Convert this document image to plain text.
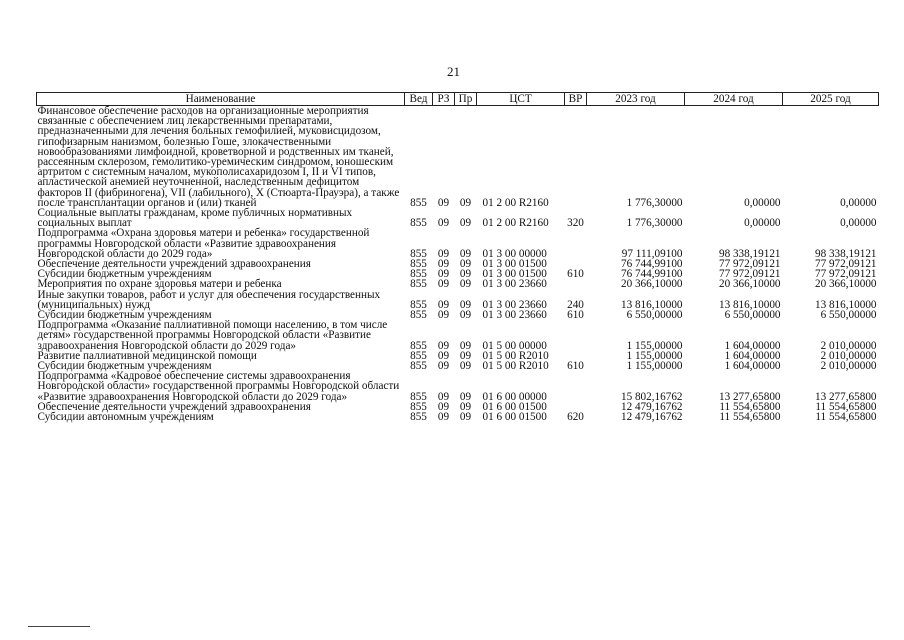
21
Наименование	Вед	РЗ	Пр	ЦСТ	ВР	2023 год	2024 год	2025 год
Финансовое обеспечение расходов на организационные мероприятия связанные с обеспечением лиц лекарственными препаратами, предназначенными для лечения больных гемофилией, муковисцидозом, гипофизарным нанизмом, болезнью Гоше, злокачественными новообразованиями лимфоидной, кроветворной и родственных им тканей, рассеянным склерозом, гемолитико-уремическим синдромом, юношеским артритом с системным началом, мукополисахаридозом I, II и VI типов, апластической анемией неуточненной, наследственным дефицитом факторов II (фибриногена), VII (лабильного), X (Стюарта-Прауэра), а также после трансплантации органов и (или) тканей	855	09	09	01 2 00 R2160		1 776,30000	0,00000	0,00000
Социальные выплаты гражданам, кроме публичных нормативных социальных выплат	855	09	09	01 2 00 R2160	320	1 776,30000	0,00000	0,00000
Подпрограмма «Охрана здоровья матери и ребенка» государственной программы Новгородской области «Развитие здравоохранения Новгородской области до 2029 года»	855	09	09	01 3 00 00000		97 111,09100	98 338,19121	98 338,19121
Обеспечение деятельности учреждений здравоохранения	855	09	09	01 3 00 01500		76 744,99100	77 972,09121	77 972,09121
Субсидии бюджетным учреждениям	855	09	09	01 3 00 01500	610	76 744,99100	77 972,09121	77 972,09121
Мероприятия по охране здоровья матери и ребенка	855	09	09	01 3 00 23660		20 366,10000	20 366,10000	20 366,10000
Иные закупки товаров, работ и услуг для обеспечения государственных (муниципальных) нужд	855	09	09	01 3 00 23660	240	13 816,10000	13 816,10000	13 816,10000
Субсидии бюджетным учреждениям	855	09	09	01 3 00 23660	610	6 550,00000	6 550,00000	6 550,00000
Подпрограмма «Оказание паллиативной помощи населению, в том числе детям» государственной программы Новгородской области «Развитие здравоохранения Новгородской области до 2029 года»	855	09	09	01 5 00 00000		1 155,00000	1 604,00000	2 010,00000
Развитие паллиативной медицинской помощи	855	09	09	01 5 00 R2010		1 155,00000	1 604,00000	2 010,00000
Субсидии бюджетным учреждениям	855	09	09	01 5 00 R2010	610	1 155,00000	1 604,00000	2 010,00000
Подпрограмма «Кадровое обеспечение системы здравоохранения Новгородской области» государственной программы Новгородской области «Развитие здравоохранения Новгородской области до 2029 года»	855	09	09	01 6 00 00000		15 802,16762	13 277,65800	13 277,65800
Обеспечение деятельности учреждений здравоохранения	855	09	09	01 6 00 01500		12 479,16762	11 554,65800	11 554,65800
Субсидии автономным учреждениям	855	09	09	01 6 00 01500	620	12 479,16762	11 554,65800	11 554,65800
